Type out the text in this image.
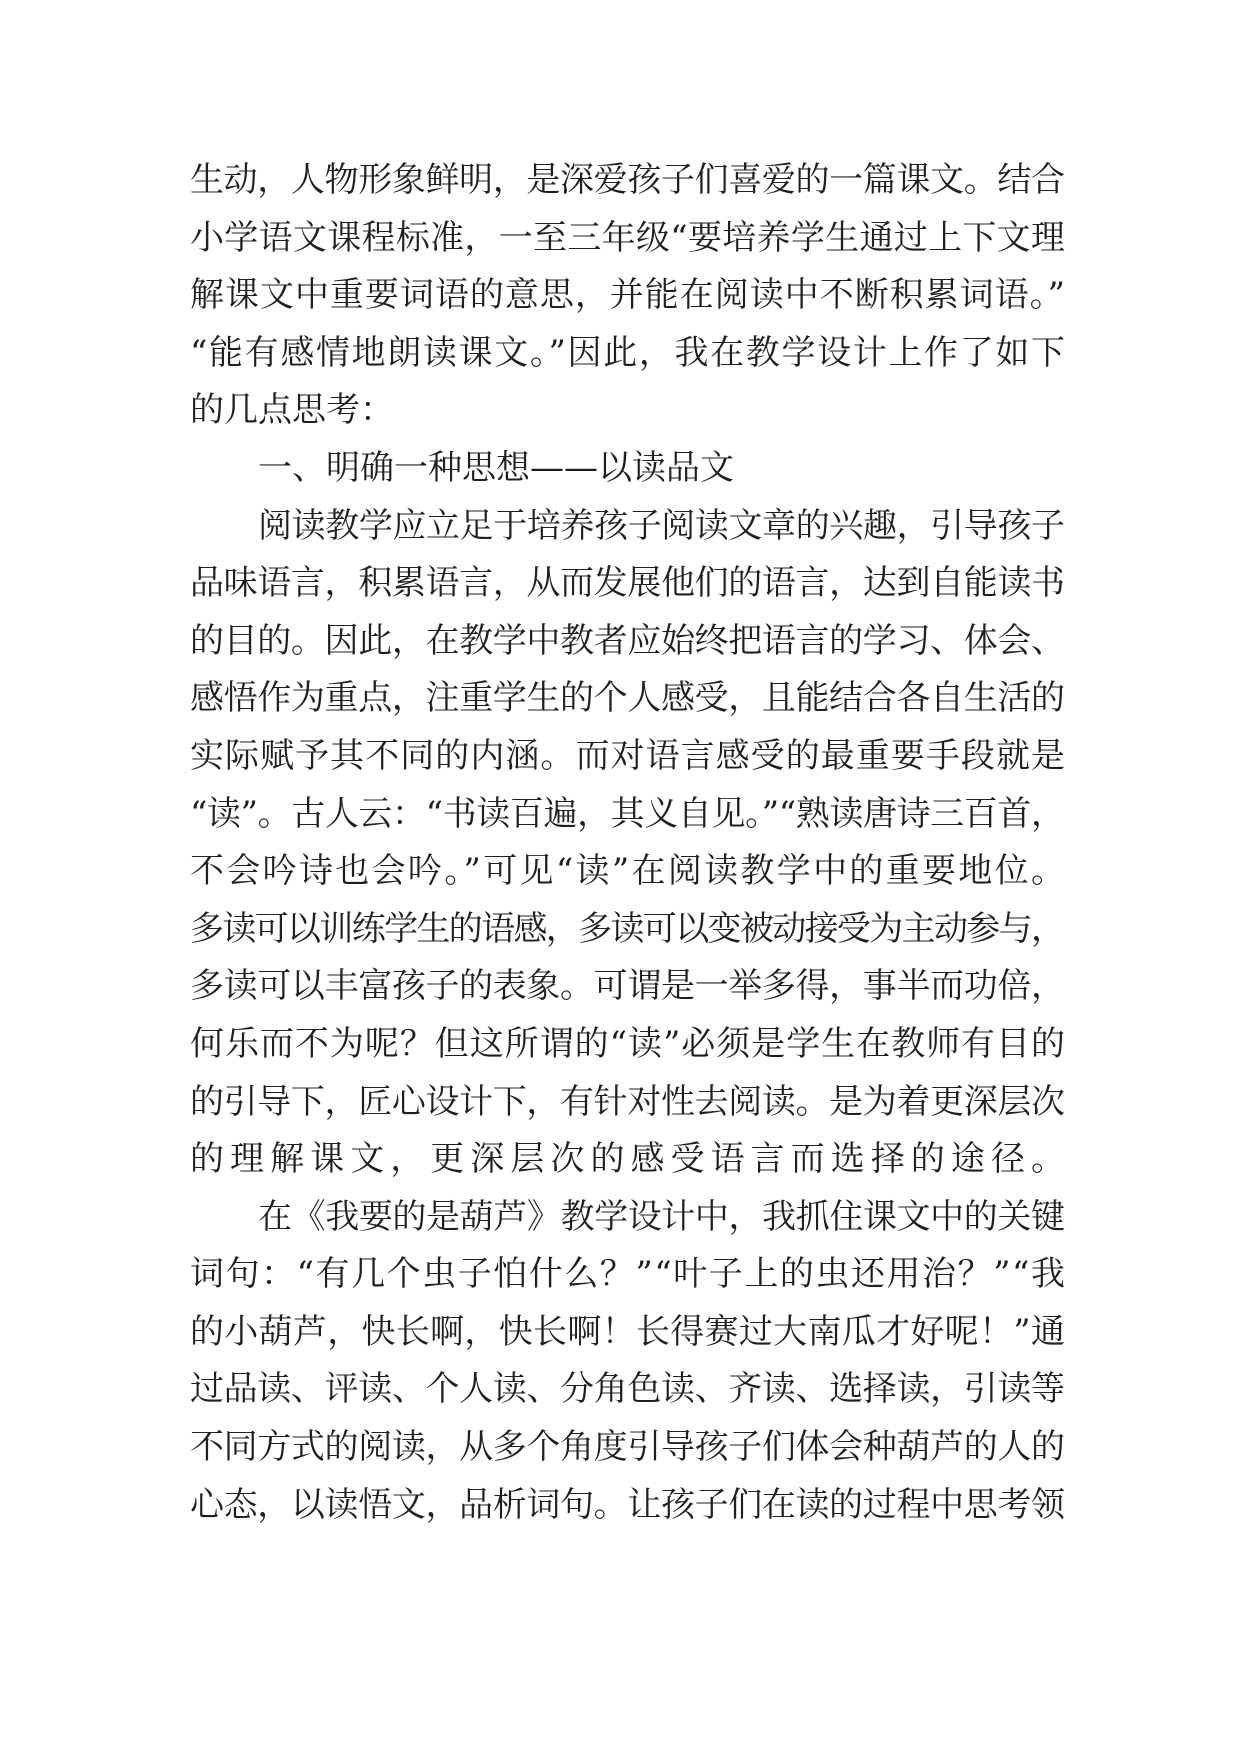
生动，人物形象鲜明，是深爱孩子们喜爱的一篇课文。结合
小学语文课程标准，一至三年级“要培养学生通过上下文理
解课文中重要词语的意思，并能在阅读中不断积累词语。”
“能有感情地朗读课文。”因此，我在教学设计上作了如下
的几点思考：
一、明确一种思想——以读品文
阅读教学应立足于培养孩子阅读文章的兴趣，引导孩子
品味语言，积累语言，从而发展他们的语言，达到自能读书
的目的。因此，在教学中教者应始终把语言的学习、体会、
感悟作为重点，注重学生的个人感受，且能结合各自生活的
实际赋予其不同的内涵。而对语言感受的最重要手段就是
“读”。古人云：“书读百遍，其义自见。”“熟读唐诗三百首，
不会吟诗也会吟。”可见“读”在阅读教学中的重要地位。
多读可以训练学生的语感，多读可以变被动接受为主动参与，
多读可以丰富孩子的表象。可谓是一举多得，事半而功倍，
何乐而不为呢？但这所谓的“读”必须是学生在教师有目的
的引导下，匠心设计下，有针对性去阅读。是为着更深层次
的理解课文，更深层次的感受语言而选择的途径。
在《我要的是葫芦》教学设计中，我抓住课文中的关键
词句：“有几个虫子怕什么？”“叶子上的虫还用治？”“我
的小葫芦，快长啊，快长啊！长得赛过大南瓜才好呢！”通
过品读、评读、个人读、分角色读、齐读、选择读，引读等
不同方式的阅读，从多个角度引导孩子们体会种葫芦的人的
心态，以读悟文，品析词句。让孩子们在读的过程中思考领
